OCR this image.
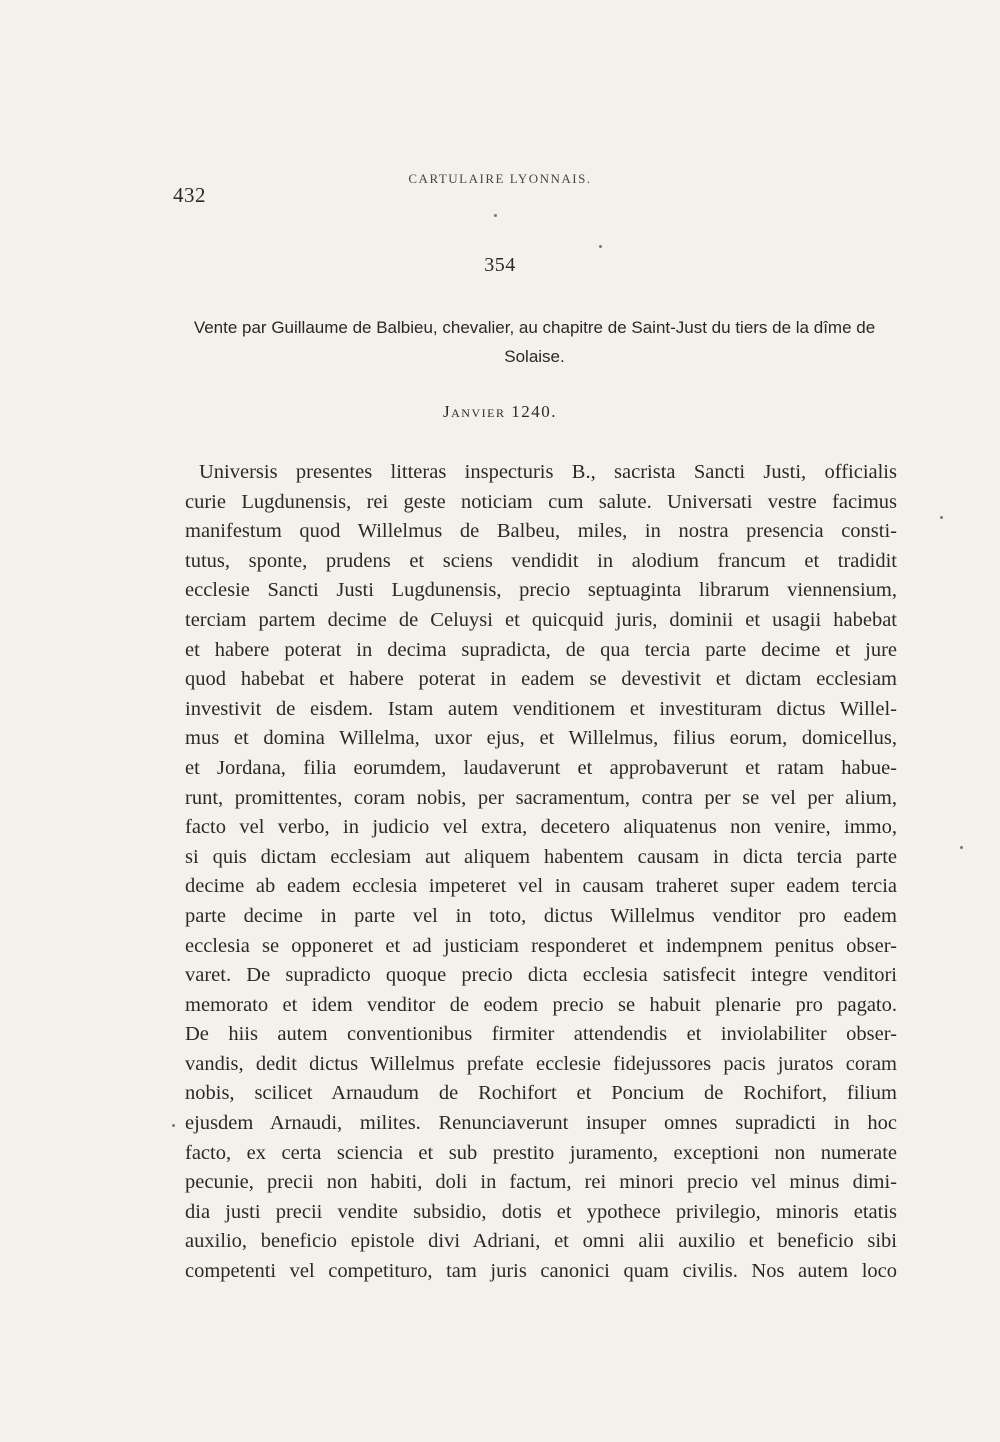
432
CARTULAIRE LYONNAIS.
354
Vente par Guillaume de Balbieu, chevalier, au chapitre de Saint-Just du tiers de la dîme de Solaise.
Janvier 1240.
Universis presentes litteras inspecturis B., sacrista Sancti Justi, officialis
curie Lugdunensis, rei geste noticiam cum salute. Universati vestre facimus
manifestum quod Willelmus de Balbeu, miles, in nostra presencia consti-
tutus, sponte, prudens et sciens vendidit in alodium francum et tradidit
ecclesie Sancti Justi Lugdunensis, precio septuaginta librarum viennensium,
terciam partem decime de Celuysi et quicquid juris, dominii et usagii habebat
et habere poterat in decima supradicta, de qua tercia parte decime et jure
quod habebat et habere poterat in eadem se devestivit et dictam ecclesiam
investivit de eisdem. Istam autem venditionem et investituram dictus Willel-
mus et domina Willelma, uxor ejus, et Willelmus, filius eorum, domicellus,
et Jordana, filia eorumdem, laudaverunt et approbaverunt et ratam habue-
runt, promittentes, coram nobis, per sacramentum, contra per se vel per alium,
facto vel verbo, in judicio vel extra, decetero aliquatenus non venire, immo,
si quis dictam ecclesiam aut aliquem habentem causam in dicta tercia parte
decime ab eadem ecclesia impeteret vel in causam traheret super eadem tercia
parte decime in parte vel in toto, dictus Willelmus venditor pro eadem
ecclesia se opponeret et ad justiciam responderet et indempnem penitus obser-
varet. De supradicto quoque precio dicta ecclesia satisfecit integre venditori
memorato et idem venditor de eodem precio se habuit plenarie pro pagato.
De hiis autem conventionibus firmiter attendendis et inviolabiliter obser-
vandis, dedit dictus Willelmus prefate ecclesie fidejussores pacis juratos coram
nobis, scilicet Arnaudum de Rochifort et Poncium de Rochifort, filium
ejusdem Arnaudi, milites. Renunciaverunt insuper omnes supradicti in hoc
facto, ex certa sciencia et sub prestito juramento, exceptioni non numerate
pecunie, precii non habiti, doli in factum, rei minori precio vel minus dimi-
dia justi precii vendite subsidio, dotis et ypothece privilegio, minoris etatis
auxilio, beneficio epistole divi Adriani, et omni alii auxilio et beneficio sibi
competenti vel competituro, tam juris canonici quam civilis. Nos autem loco
